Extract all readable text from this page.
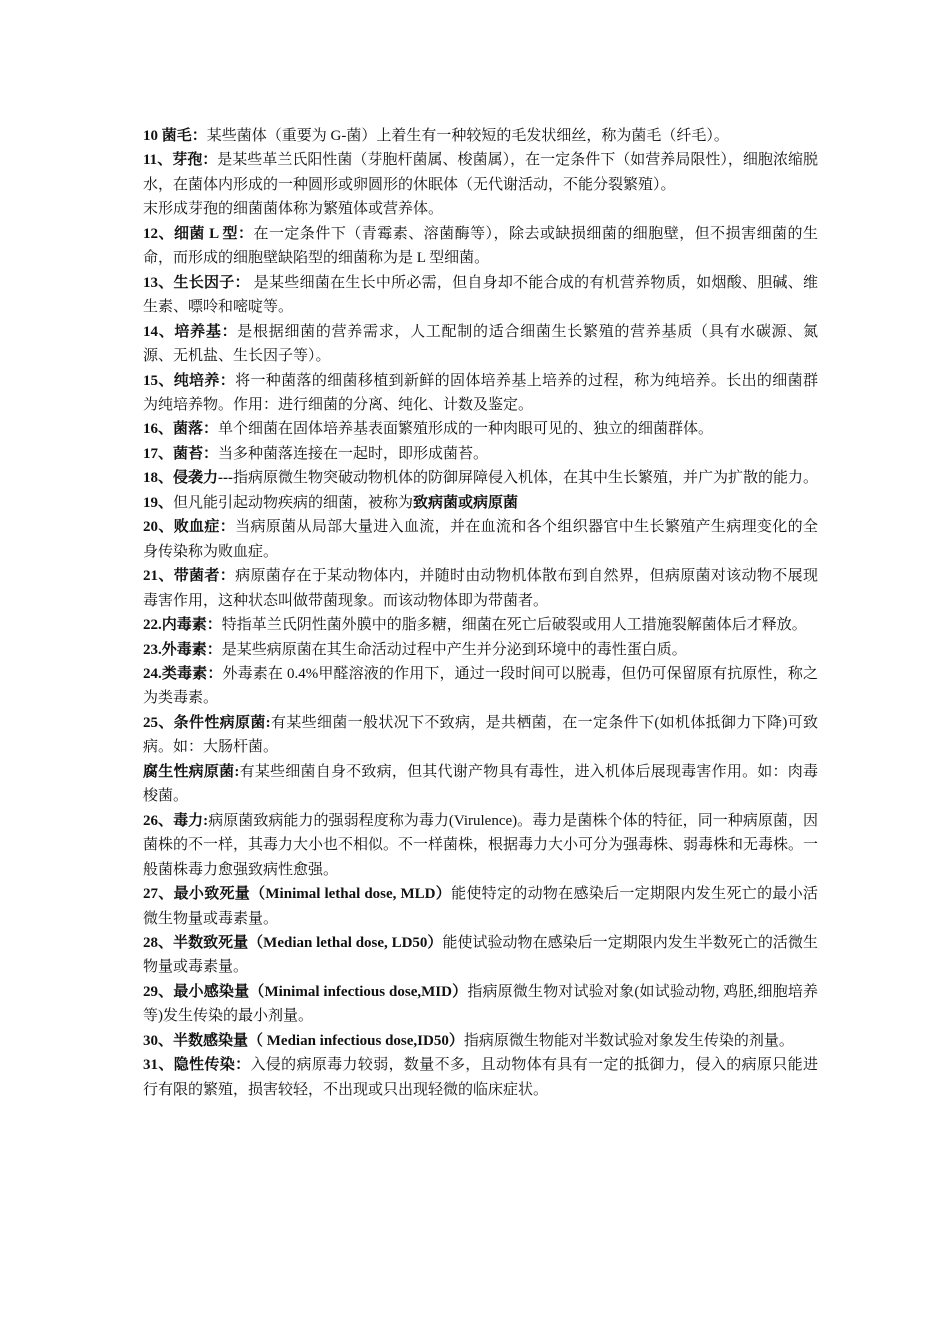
10 菌毛：某些菌体（重要为 G-菌）上着生有一种较短的毛发状细丝，称为菌毛（纤毛）。

11、芽孢：是某些革兰氏阳性菌（芽胞杆菌属、梭菌属），在一定条件下（如营养局限性），细胞浓缩脱水，在菌体内形成的一种圆形或卵圆形的休眠体（无代谢活动，不能分裂繁殖）。

末形成芽孢的细菌菌体称为繁殖体或营养体。

12、细菌 L 型：在一定条件下（青霉素、溶菌酶等），除去或缺损细菌的细胞壁，但不损害细菌的生命，而形成的细胞壁缺陷型的细菌称为是 L 型细菌。

13、生长因子： 是某些细菌在生长中所必需，但自身却不能合成的有机营养物质，如烟酸、胆碱、维生素、嘌呤和嘧啶等。

14、培养基：是根据细菌的营养需求，人工配制的适合细菌生长繁殖的营养基质（具有水碳源、氮源、无机盐、生长因子等）。

15、纯培养：将一种菌落的细菌移植到新鲜的固体培养基上培养的过程，称为纯培养。长出的细菌群为纯培养物。作用：进行细菌的分离、纯化、计数及鉴定。

16、菌落：单个细菌在固体培养基表面繁殖形成的一种肉眼可见的、独立的细菌群体。

17、菌苔：当多种菌落连接在一起时，即形成菌苔。

18、侵袭力---指病原微生物突破动物机体的防御屏障侵入机体，在其中生长繁殖，并广为扩散的能力。

19、但凡能引起动物疾病的细菌，被称为致病菌或病原菌

20、败血症：当病原菌从局部大量进入血流，并在血流和各个组织器官中生长繁殖产生病理变化的全身传染称为败血症。

21、带菌者：病原菌存在于某动物体内，并随时由动物机体散布到自然界，但病原菌对该动物不展现毒害作用，这种状态叫做带菌现象。而该动物体即为带菌者。

22.内毒素：特指革兰氏阴性菌外膜中的脂多糖，细菌在死亡后破裂或用人工措施裂解菌体后才释放。

23.外毒素：是某些病原菌在其生命活动过程中产生并分泌到环境中的毒性蛋白质。

24.类毒素：外毒素在 0.4%甲醛溶液的作用下，通过一段时间可以脱毒，但仍可保留原有抗原性，称之为类毒素。

25、条件性病原菌:有某些细菌一般状况下不致病，是共栖菌，在一定条件下(如机体抵御力下降)可致病。如：大肠杆菌。

腐生性病原菌:有某些细菌自身不致病，但其代谢产物具有毒性，进入机体后展现毒害作用。如：肉毒梭菌。

26、毒力:病原菌致病能力的强弱程度称为毒力(Virulence)。毒力是菌株个体的特征，同一种病原菌，因菌株的不一样，其毒力大小也不相似。不一样菌株，根据毒力大小可分为强毒株、弱毒株和无毒株。一般菌株毒力愈强致病性愈强。

27、最小致死量（Minimal lethal dose, MLD）能使特定的动物在感染后一定期限内发生死亡的最小活微生物量或毒素量。

28、半数致死量（Median lethal dose, LD50）能使试验动物在感染后一定期限内发生半数死亡的活微生物量或毒素量。

29、最小感染量（Minimal infectious dose,MID）指病原微生物对试验对象(如试验动物, 鸡胚,细胞培养等)发生传染的最小剂量。

30、半数感染量（ Median infectious dose,ID50）指病原微生物能对半数试验对象发生传染的剂量。

31、隐性传染：入侵的病原毒力较弱，数量不多，且动物体有具有一定的抵御力，侵入的病原只能进行有限的繁殖，损害较轻，不出现或只出现轻微的临床症状。
